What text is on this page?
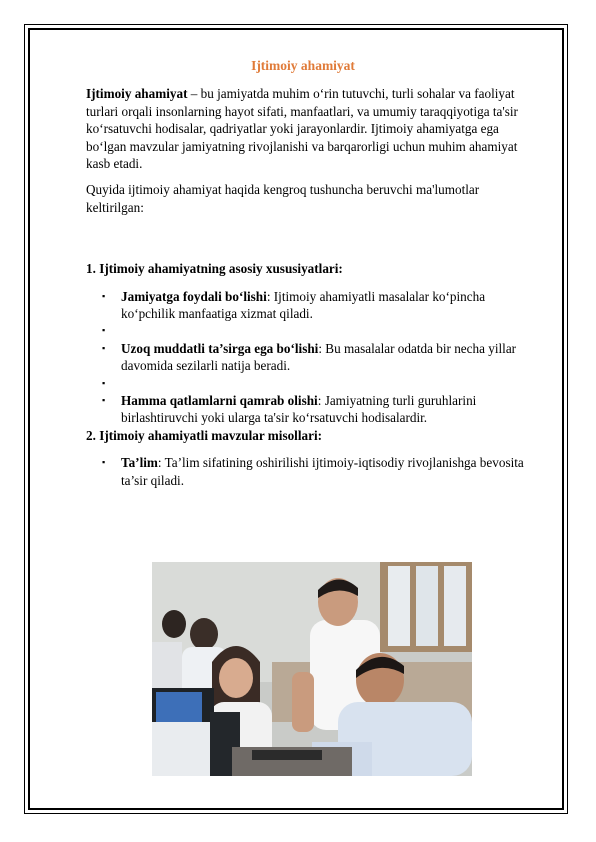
Ijtimoiy ahamiyat

Ijtimoiy ahamiyat – bu jamiyatda muhim o‘rin tutuvchi, turli sohalar va faoliyat turlari orqali insonlarning hayot sifati, manfaatlari, va umumiy taraqqiyotiga ta'sir ko‘rsatuvchi hodisalar, qadriyatlar yoki jarayonlardir. Ijtimoiy ahamiyatga ega bo‘lgan mavzular jamiyatning rivojlanishi va barqarorligi uchun muhim ahamiyat kasb etadi.

Quyida ijtimoiy ahamiyat haqida kengroq tushuncha beruvchi ma'lumotlar keltirilgan:

1. Ijtimoiy ahamiyatning asosiy xususiyatlari:

▪ Jamiyatga foydali bo‘lishi: Ijtimoiy ahamiyatli masalalar ko‘pincha ko‘pchilik manfaatiga xizmat qiladi.
▪
▪ Uzoq muddatli ta’sirga ega bo‘lishi: Bu masalalar odatda bir necha yillar davomida sezilarli natija beradi.
▪
▪ Hamma qatlamlarni qamrab olishi: Jamiyatning turli guruhlarini birlashtiruvchi yoki ularga ta'sir ko‘rsatuvchi hodisalardir.

2. Ijtimoiy ahamiyatli mavzular misollari:

▪ Ta’lim: Ta’lim sifatining oshirilishi ijtimoiy-iqtisodiy rivojlanishga bevosita ta’sir qiladi.
